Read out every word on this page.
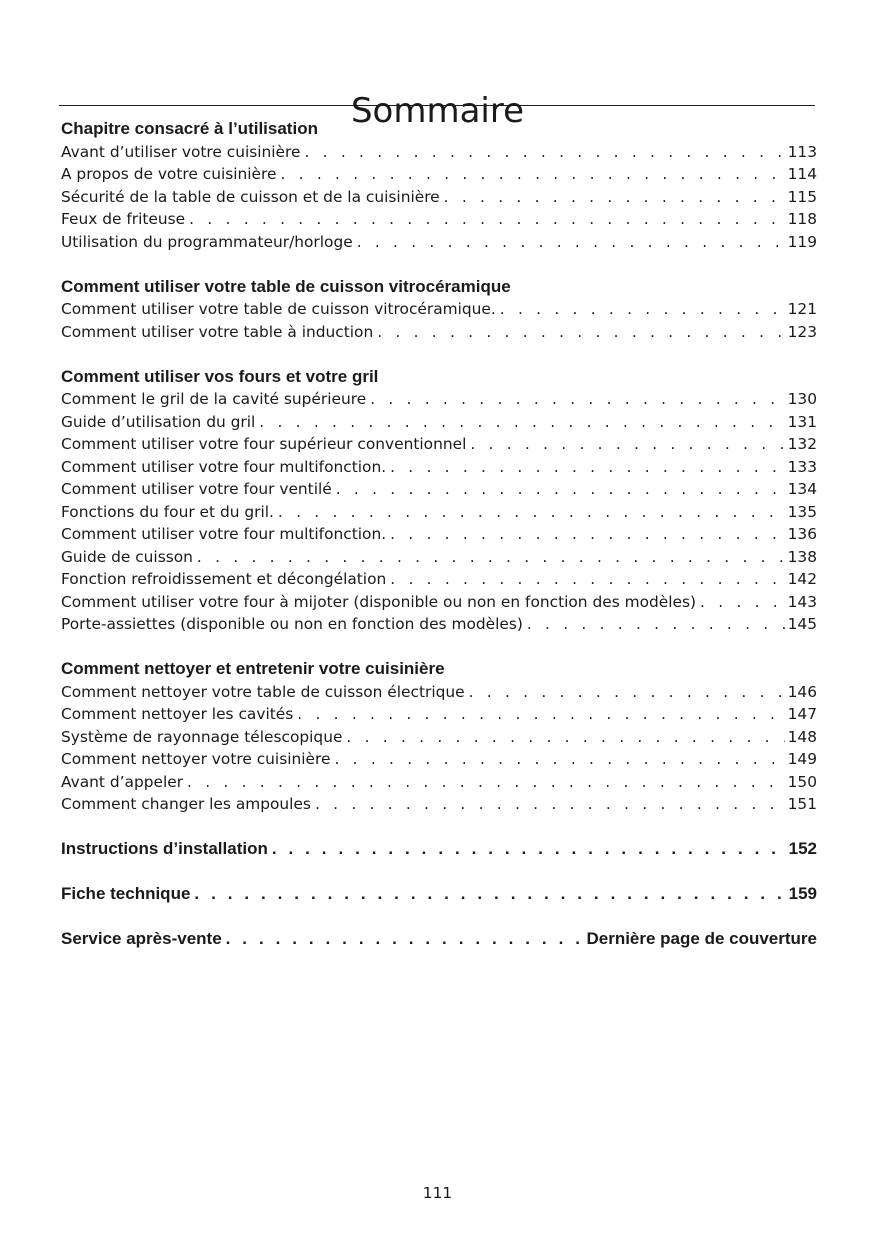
Sommaire
Chapitre consacré à l’utilisation
Avant d’utiliser votre cuisinière . . .	113
A propos de votre cuisinière . . .	114
Sécurité de la table de cuisson et de la cuisinière . . .	115
Feux de friteuse . . .	118
Utilisation du programmateur/horloge . . .	119
Comment utiliser votre table de cuisson vitrocéramique
Comment utiliser votre table de cuisson vitrocéramique. . . .	121
Comment utiliser votre table à induction . . .	123
Comment utiliser vos fours et votre gril
Comment le gril de la cavité supérieure . . .	130
Guide d’utilisation du gril . . .	131
Comment utiliser votre four supérieur conventionnel . . .	132
Comment utiliser votre four multifonction. . . .	133
Comment utiliser votre four ventilé . . .	134
Fonctions du four et du gril. . . .	135
Comment utiliser votre four multifonction. . . .	136
Guide de cuisson . . .	138
Fonction refroidissement et décongélation . . .	142
Comment utiliser votre four à mijoter (disponible ou non en fonction des modèles) . . .	143
Porte-assiettes (disponible ou non en fonction des modèles) . . .	145
Comment nettoyer et entretenir votre cuisinière
Comment nettoyer votre table de cuisson électrique . . .	146
Comment nettoyer les cavités . . .	147
Système de rayonnage télescopique . . .	148
Comment nettoyer votre cuisinière . . .	149
Avant d’appeler . . .	150
Comment changer les ampoules . . .	151
Instructions d’installation . . .	152
Fiche technique . . .	159
Service après-vente . . .	Dernière page de couverture
111
